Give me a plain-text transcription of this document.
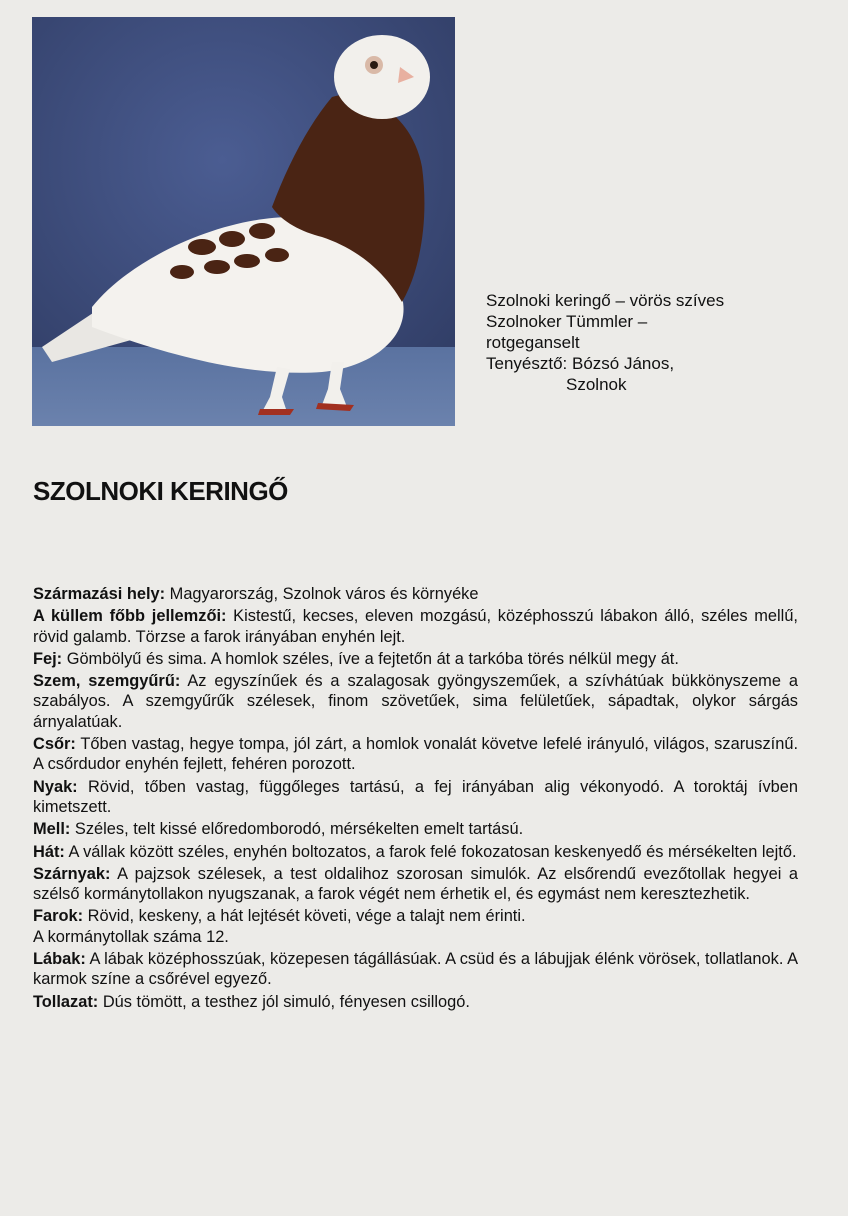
Szolnoki keringő – vörös szíves
Szolnoker Tümmler –
rotgeganselt
Tenyésztő: Bózsó János,
Szolnok
SZOLNOKI KERINGŐ

Származási hely: Magyarország, Szolnok város és környéke

A küllem főbb jellemzői: Kistestű, kecses, eleven mozgású, középhosszú lábakon álló, széles mellű, rövid galamb. Törzse a farok irányában enyhén lejt.

Fej: Gömbölyű és sima. A homlok széles, íve a fejtetőn át a tarkóba törés nélkül megy át.

Szem, szemgyűrű: Az egyszínűek és a szalagosak gyöngyszeműek, a szívhátúak bükkönyszeme a szabályos. A szemgyűrűk szélesek, finom szövetűek, sima felületűek, sápadtak, olykor sárgás árnyalatúak.

Csőr: Tőben vastag, hegye tompa, jól zárt, a homlok vonalát követve lefelé irányuló, világos, szaruszínű. A csőrdudor enyhén fejlett, fehéren porozott.

Nyak: Rövid, tőben vastag, függőleges tartású, a fej irányában alig vékonyodó. A toroktáj ívben kimetszett.

Mell: Széles, telt kissé előredomborodó, mérsékelten emelt tartású.

Hát: A vállak között széles, enyhén boltozatos, a farok felé fokozatosan keskenyedő és mérsékelten lejtő.

Szárnyak: A pajzsok szélesek, a test oldalihoz szorosan simulók. Az elsőrendű evezőtollak hegyei a szélső kormánytollakon nyugszanak, a farok végét nem érhetik el, és egymást nem keresztezhetik.

Farok: Rövid, keskeny, a hát lejtését követi, vége a talajt nem érinti.
A kormánytollak száma 12.

Lábak: A lábak középhosszúak, közepesen tágállásúak. A csüd és a lábujjak élénk vörösek, tollatlanok. A karmok színe a csőrével egyező.

Tollazat: Dús tömött, a testhez jól simuló, fényesen csillogó.
